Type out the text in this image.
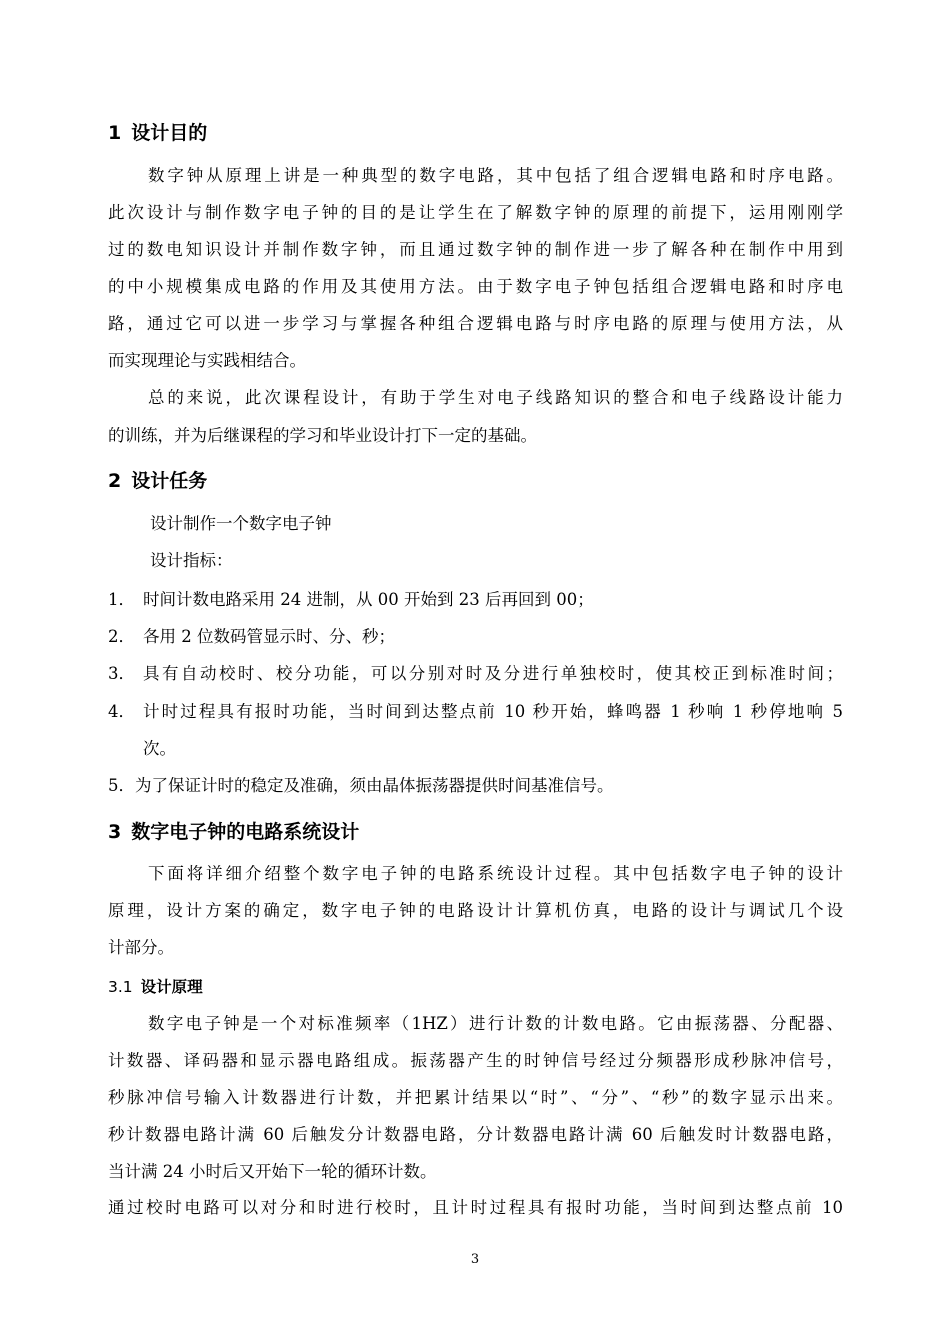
1 设计目的
数字钟从原理上讲是一种典型的数字电路，其中包括了组合逻辑电路和时序电路。
此次设计与制作数字电子钟的目的是让学生在了解数字钟的原理的前提下，运用刚刚学
过的数电知识设计并制作数字钟，而且通过数字钟的制作进一步了解各种在制作中用到
的中小规模集成电路的作用及其使用方法。由于数字电子钟包括组合逻辑电路和时序电
路，通过它可以进一步学习与掌握各种组合逻辑电路与时序电路的原理与使用方法，从
而实现理论与实践相结合。
总的来说，此次课程设计，有助于学生对电子线路知识的整合和电子线路设计能力
的训练，并为后继课程的学习和毕业设计打下一定的基础。
2 设计任务
设计制作一个数字电子钟
设计指标：
1． 时间计数电路采用 24 进制，从 00 开始到 23 后再回到 00；
2． 各用 2 位数码管显示时、分、秒；
3． 具有自动校时、校分功能，可以分别对时及分进行单独校时，使其校正到标准时间；
4． 计时过程具有报时功能，当时间到达整点前 10 秒开始，蜂鸣器 1 秒响 1 秒停地响 5
次。
5． 为了保证计时的稳定及准确，须由晶体振荡器提供时间基准信号。
3 数字电子钟的电路系统设计
下面将详细介绍整个数字电子钟的电路系统设计过程。其中包括数字电子钟的设计
原理，设计方案的确定，数字电子钟的电路设计计算机仿真，电路的设计与调试几个设
计部分。
3.1 设计原理
数字电子钟是一个对标准频率（1HZ）进行计数的计数电路。它由振荡器、分配器、
计数器、译码器和显示器电路组成。振荡器产生的时钟信号经过分频器形成秒脉冲信号，
秒脉冲信号输入计数器进行计数，并把累计结果以“时”、“分”、“秒”的数字显示出来。
秒计数器电路计满 60 后触发分计数器电路，分计数器电路计满 60 后触发时计数器电路，
当计满 24 小时后又开始下一轮的循环计数。
通过校时电路可以对分和时进行校时，且计时过程具有报时功能，当时间到达整点前 10
3
